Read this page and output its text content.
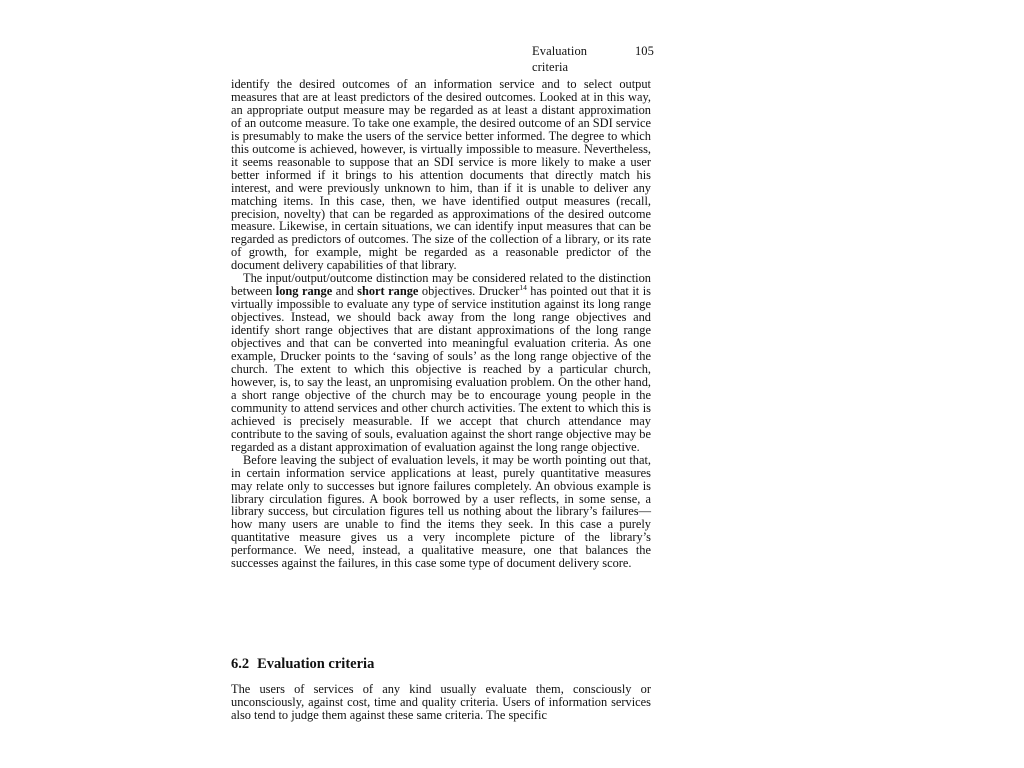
Evaluation criteria
105

identify the desired outcomes of an information service and to select output measures that are at least predictors of the desired outcomes. Looked at in this way, an appropriate output measure may be regarded as at least a distant approximation of an outcome measure. To take one example, the desired outcome of an SDI service is presumably to make the users of the service better informed. The degree to which this outcome is achieved, however, is virtually impossible to measure. Nevertheless, it seems reasonable to suppose that an SDI service is more likely to make a user better informed if it brings to his attention documents that directly match his interest, and were previously unknown to him, than if it is unable to deliver any matching items. In this case, then, we have identified output measures (recall, precision, novelty) that can be regarded as approximations of the desired outcome measure. Likewise, in certain situations, we can identify input measures that can be regarded as predictors of outcomes. The size of the collection of a library, or its rate of growth, for example, might be regarded as a reasonable predictor of the document delivery capabilities of that library.

The input/output/outcome distinction may be considered related to the distinction between long range and short range objectives. Drucker$^{14}$ has pointed out that it is virtually impossible to evaluate any type of service institution against its long range objectives. Instead, we should back away from the long range objectives and identify short range objectives that are distant approximations of the long range objectives and that can be converted into meaningful evaluation criteria. As one example, Drucker points to the ‘saving of souls’ as the long range objective of the church. The extent to which this objective is reached by a particular church, however, is, to say the least, an unpromising evaluation problem. On the other hand, a short range objective of the church may be to encourage young people in the community to attend services and other church activities. The extent to which this is achieved is precisely measurable. If we accept that church attendance may contribute to the saving of souls, evaluation against the short range objective may be regarded as a distant approximation of evaluation against the long range objective.

Before leaving the subject of evaluation levels, it may be worth pointing out that, in certain information service applications at least, purely quantitative measures may relate only to successes but ignore failures completely. An obvious example is library circulation figures. A book borrowed by a user reflects, in some sense, a library success, but circulation figures tell us nothing about the library’s failures—how many users are unable to find the items they seek. In this case a purely quantitative measure gives us a very incomplete picture of the library’s performance. We need, instead, a qualitative measure, one that balances the successes against the failures, in this case some type of document delivery score.

6.2 Evaluation criteria

The users of services of any kind usually evaluate them, consciously or unconsciously, against cost, time and quality criteria. Users of information services also tend to judge them against these same criteria. The specific
